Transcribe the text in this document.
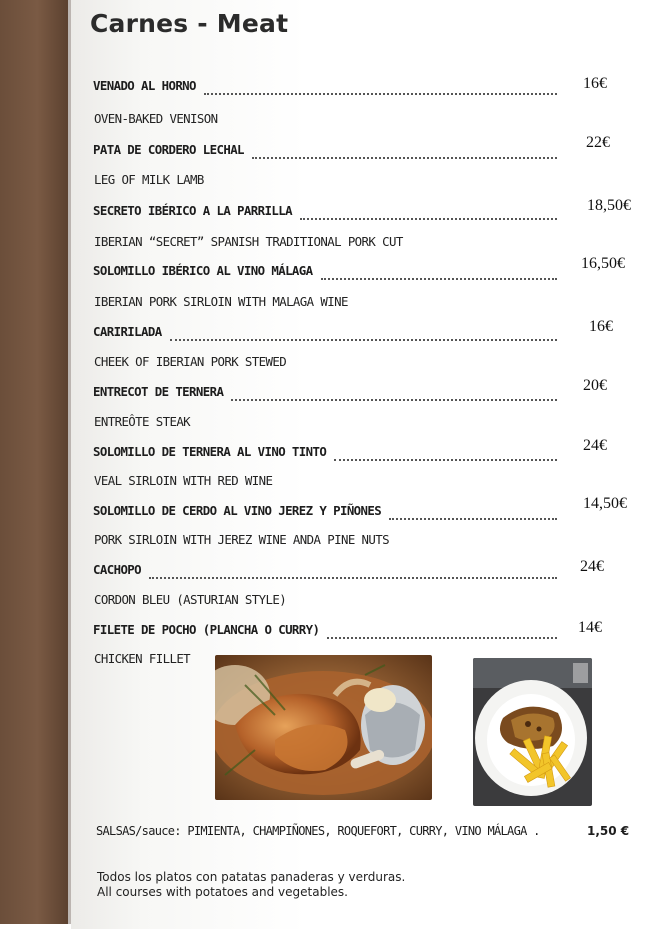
Carnes - Meat
VENADO AL HORNO	16€
OVEN-BAKED VENISON
PATA DE CORDERO LECHAL	22€
LEG OF MILK LAMB
SECRETO IBÉRICO A LA PARRILLA	18,50€
IBERIAN “SECRET” SPANISH TRADITIONAL PORK CUT
SOLOMILLO IBÉRICO AL VINO MÁLAGA	16,50€
IBERIAN PORK SIRLOIN WITH MALAGA WINE
CARIRILADA	16€
CHEEK OF IBERIAN PORK STEWED
ENTRECOT DE TERNERA	20€
ENTREÔTE STEAK
SOLOMILLO DE TERNERA AL VINO TINTO	24€
VEAL SIRLOIN WITH RED WINE
SOLOMILLO DE CERDO AL VINO JEREZ Y PIÑONES	14,50€
PORK SIRLOIN WITH JEREZ WINE ANDA PINE NUTS
CACHOPO	24€
CORDON BLEU (ASTURIAN STYLE)
FILETE DE POCHO (PLANCHA O CURRY)	14€
CHICKEN FILLET
SALSAS/sauce: PIMIENTA, CHAMPIÑONES, ROQUEFORT, CURRY, VINO MÁLAGA .	1,50 €
Todos los platos con patatas panaderas y verduras.
All courses with potatoes and vegetables.
